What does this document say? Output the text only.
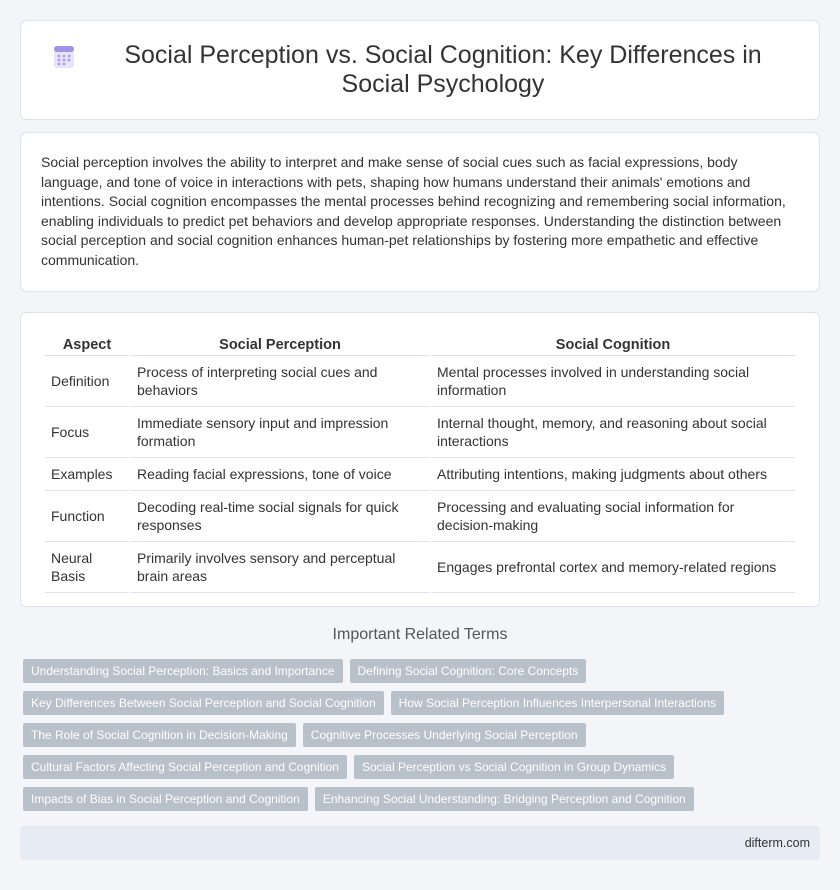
Social Perception vs. Social Cognition: Key Differences in Social Psychology

Social perception involves the ability to interpret and make sense of social cues such as facial expressions, body language, and tone of voice in interactions with pets, shaping how humans understand their animals' emotions and intentions. Social cognition encompasses the mental processes behind recognizing and remembering social information, enabling individuals to predict pet behaviors and develop appropriate responses. Understanding the distinction between social perception and social cognition enhances human-pet relationships by fostering more empathetic and effective communication.

Aspect	Social Perception	Social Cognition
Definition	Process of interpreting social cues and behaviors	Mental processes involved in understanding social information
Focus	Immediate sensory input and impression formation	Internal thought, memory, and reasoning about social interactions
Examples	Reading facial expressions, tone of voice	Attributing intentions, making judgments about others
Function	Decoding real-time social signals for quick responses	Processing and evaluating social information for decision-making
Neural Basis	Primarily involves sensory and perceptual brain areas	Engages prefrontal cortex and memory-related regions
Important Related Terms
Understanding Social Perception: Basics and Importance	Defining Social Cognition: Core Concepts
Key Differences Between Social Perception and Social Cognition	How Social Perception Influences Interpersonal Interactions
The Role of Social Cognition in Decision-Making	Cognitive Processes Underlying Social Perception
Cultural Factors Affecting Social Perception and Cognition	Social Perception vs Social Cognition in Group Dynamics
Impacts of Bias in Social Perception and Cognition	Enhancing Social Understanding: Bridging Perception and Cognition
difterm.com
